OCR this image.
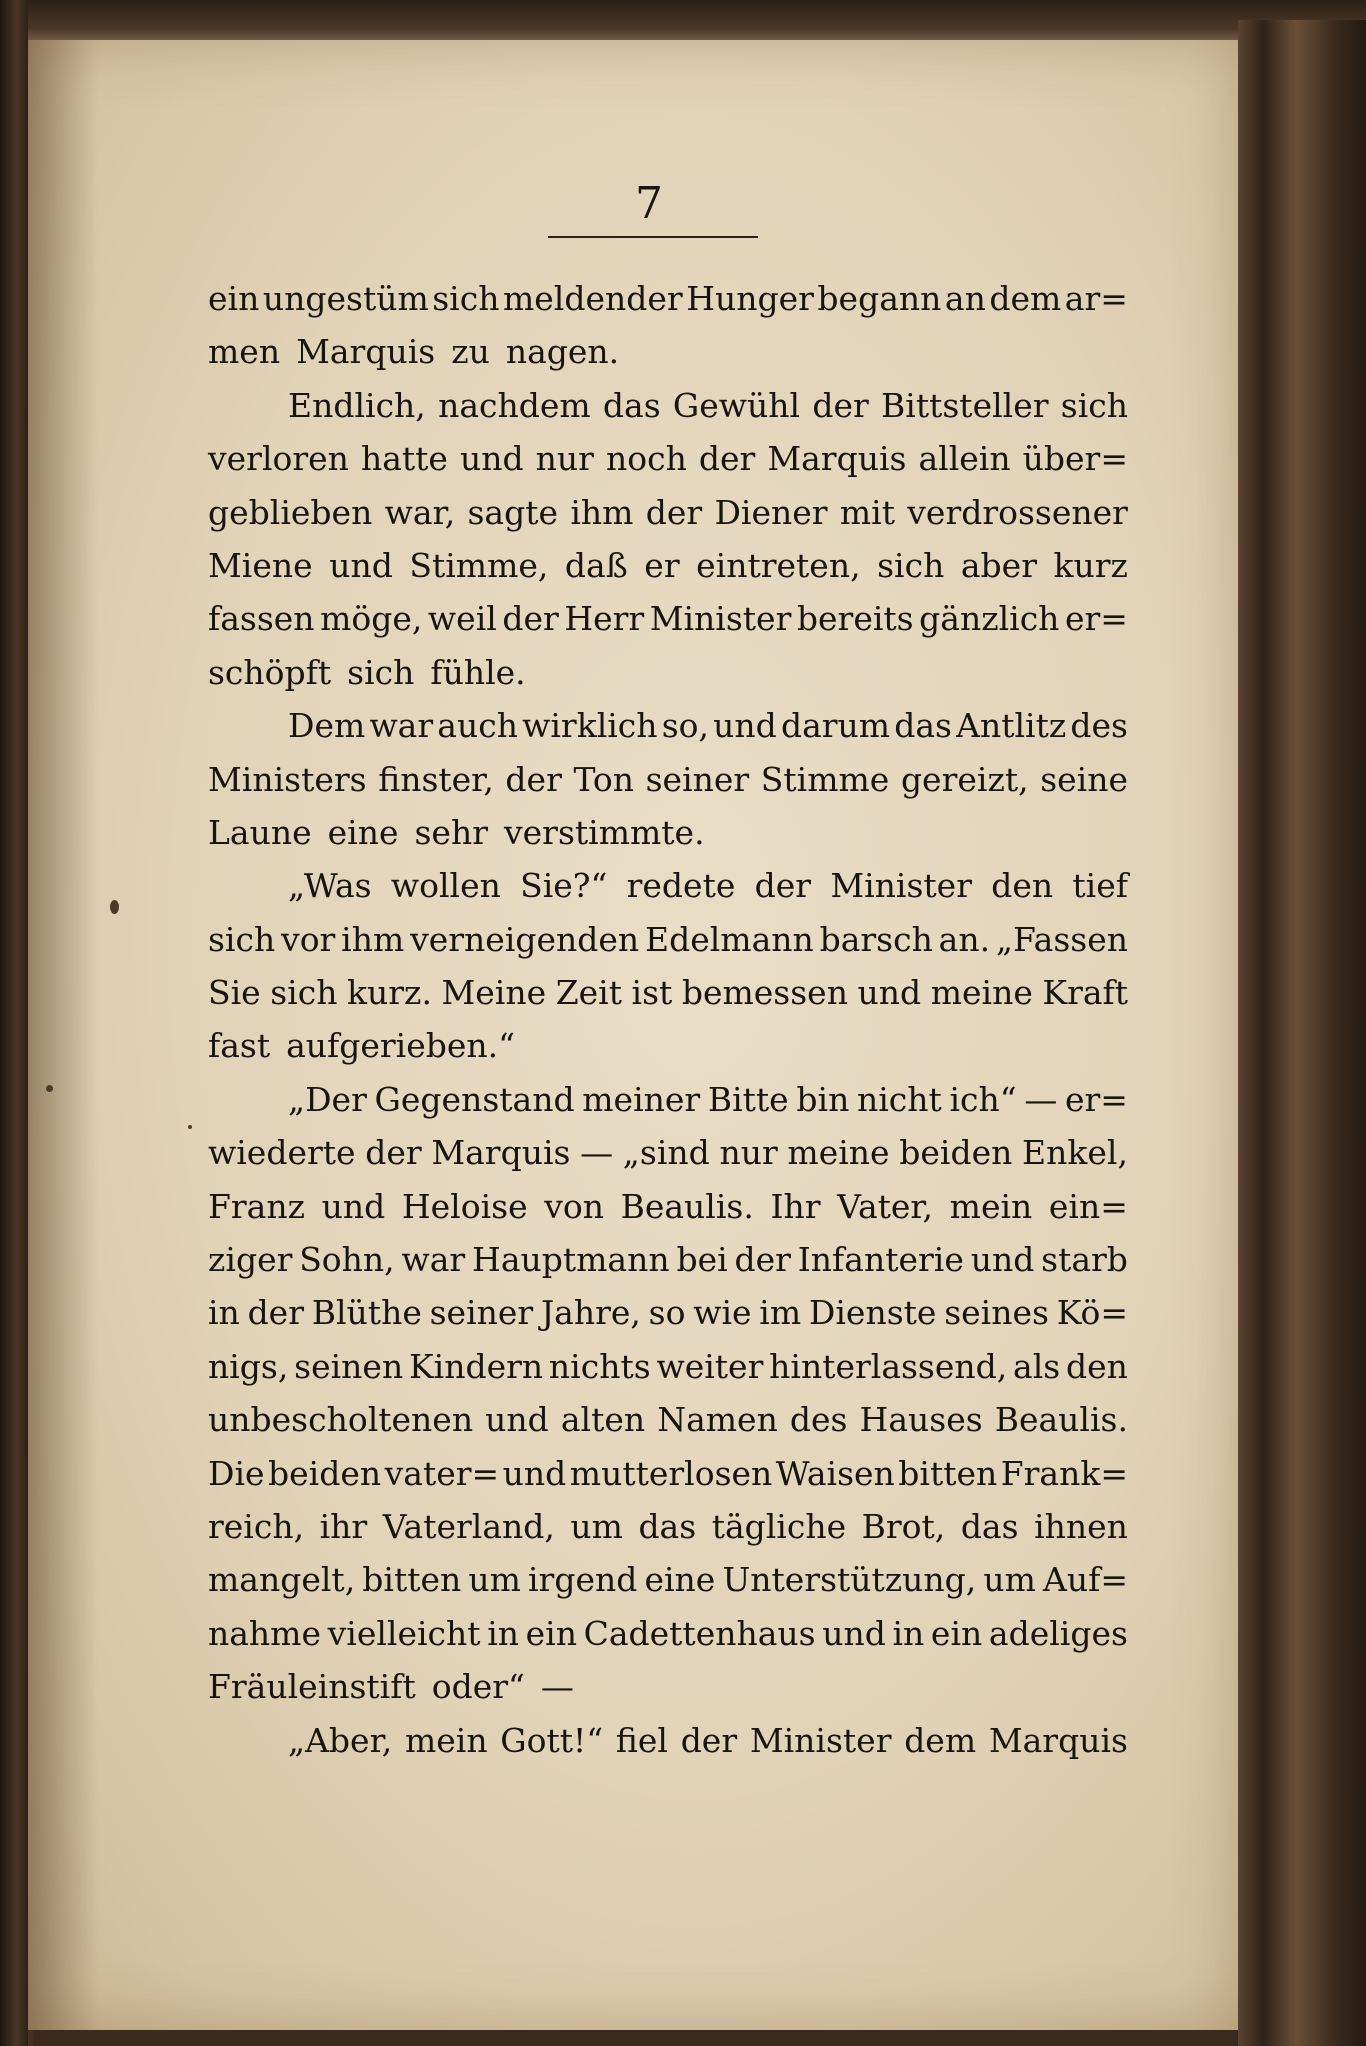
7
ein ungestüm sich meldender Hunger begann an dem ar=
men Marquis zu nagen.
Endlich, nachdem das Gewühl der Bittsteller sich
verloren hatte und nur noch der Marquis allein über=
geblieben war, sagte ihm der Diener mit verdrossener
Miene und Stimme, daß er eintreten, sich aber kurz
fassen möge, weil der Herr Minister bereits gänzlich er=
schöpft sich fühle.
Dem war auch wirklich so, und darum das Antlitz des
Ministers finster, der Ton seiner Stimme gereizt, seine
Laune eine sehr verstimmte.
„Was wollen Sie?“ redete der Minister den tief
sich vor ihm verneigenden Edelmann barsch an. „Fassen
Sie sich kurz. Meine Zeit ist bemessen und meine Kraft
fast aufgerieben.“
„Der Gegenstand meiner Bitte bin nicht ich“ — er=
wiederte der Marquis — „sind nur meine beiden Enkel,
Franz und Heloise von Beaulis. Ihr Vater, mein ein=
ziger Sohn, war Hauptmann bei der Infanterie und starb
in der Blüthe seiner Jahre, so wie im Dienste seines Kö=
nigs, seinen Kindern nichts weiter hinterlassend, als den
unbescholtenen und alten Namen des Hauses Beaulis.
Die beiden vater= und mutterlosen Waisen bitten Frank=
reich, ihr Vaterland, um das tägliche Brot, das ihnen
mangelt, bitten um irgend eine Unterstützung, um Auf=
nahme vielleicht in ein Cadettenhaus und in ein adeliges
Fräuleinstift oder“ —
„Aber, mein Gott!“ fiel der Minister dem Marquis
